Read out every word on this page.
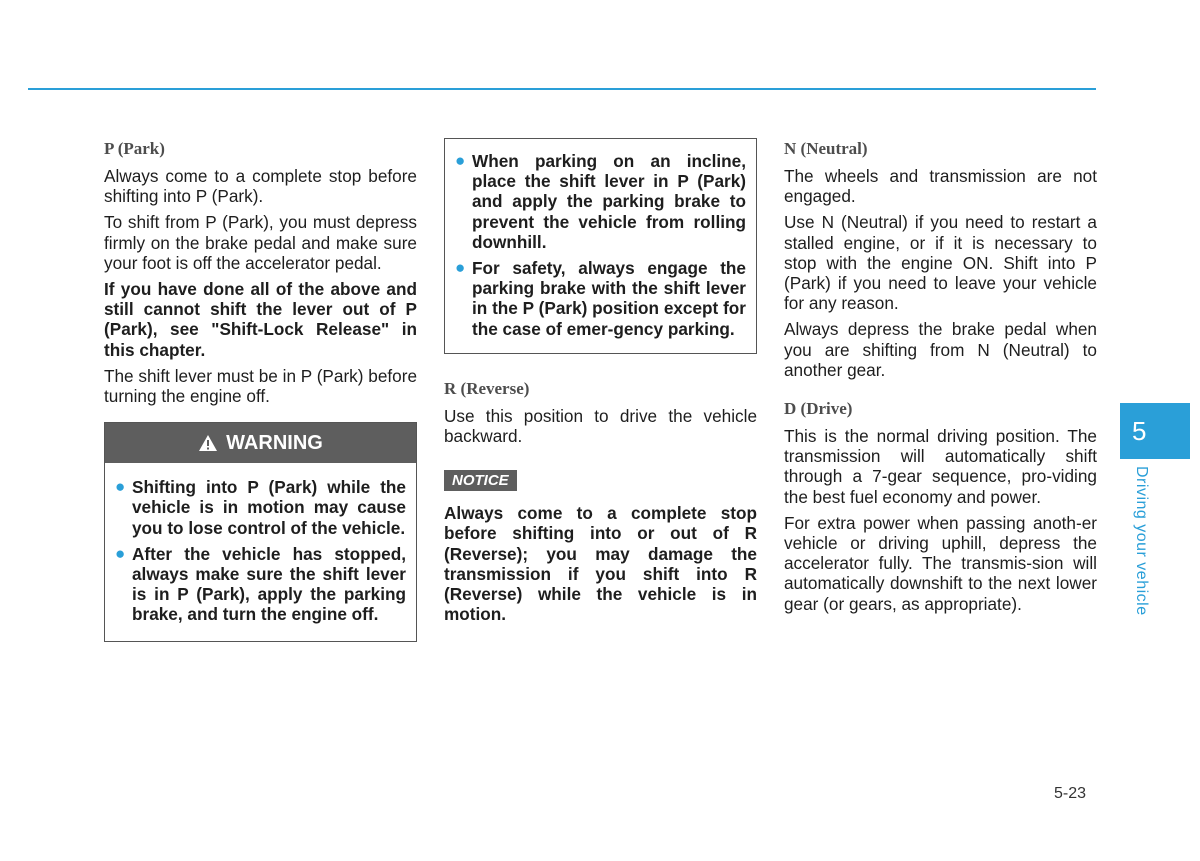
P (Park)

Always come to a complete stop before shifting into P (Park).

To shift from P (Park), you must depress firmly on the brake pedal and make sure your foot is off the accelerator pedal.

If you have done all of the above and still cannot shift the lever out of P (Park), see "Shift-Lock Release" in this chapter.

The shift lever must be in P (Park) before turning the engine off.

WARNING
● Shifting into P (Park) while the vehicle is in motion may cause you to lose control of the vehicle.
● After the vehicle has stopped, always make sure the shift lever is in P (Park), apply the parking brake, and turn the engine off.
● When parking on an incline, place the shift lever in P (Park) and apply the parking brake to prevent the vehicle from rolling downhill.
● For safety, always engage the parking brake with the shift lever in the P (Park) position except for the case of emer-gency parking.
R (Reverse)

Use this position to drive the vehicle backward.

NOTICE

Always come to a complete stop before shifting into or out of R (Reverse); you may damage the transmission if you shift into R (Reverse) while the vehicle is in motion.

N (Neutral)

The wheels and transmission are not engaged.

Use N (Neutral) if you need to restart a stalled engine, or if it is necessary to stop with the engine ON. Shift into P (Park) if you need to leave your vehicle for any reason.

Always depress the brake pedal when you are shifting from N (Neutral) to another gear.

D (Drive)

This is the normal driving position. The transmission will automatically shift through a 7-gear sequence, pro-viding the best fuel economy and power.

For extra power when passing anoth-er vehicle or driving uphill, depress the accelerator fully. The transmis-sion will automatically downshift to the next lower gear (or gears, as appropriate).

5
Driving your vehicle
5-23
